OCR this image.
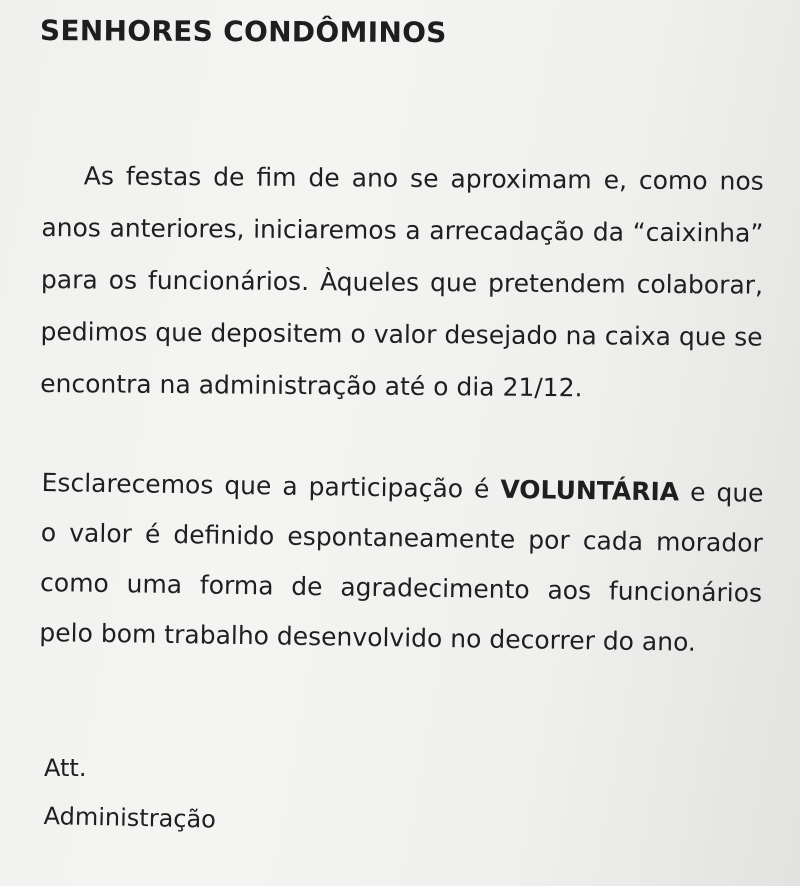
SENHORES CONDÔMINOS

As festas de fim de ano se aproximam e, como nos anos anteriores, iniciaremos a arrecadação da “caixinha” para os funcionários. Àqueles que pretendem colaborar, pedimos que depositem o valor desejado na caixa que se encontra na administração até o dia 21/12.

Esclarecemos que a participação é VOLUNTÁRIA e que o valor é definido espontaneamente por cada morador como uma forma de agradecimento aos funcionários pelo bom trabalho desenvolvido no decorrer do ano.

Att.

Administração
